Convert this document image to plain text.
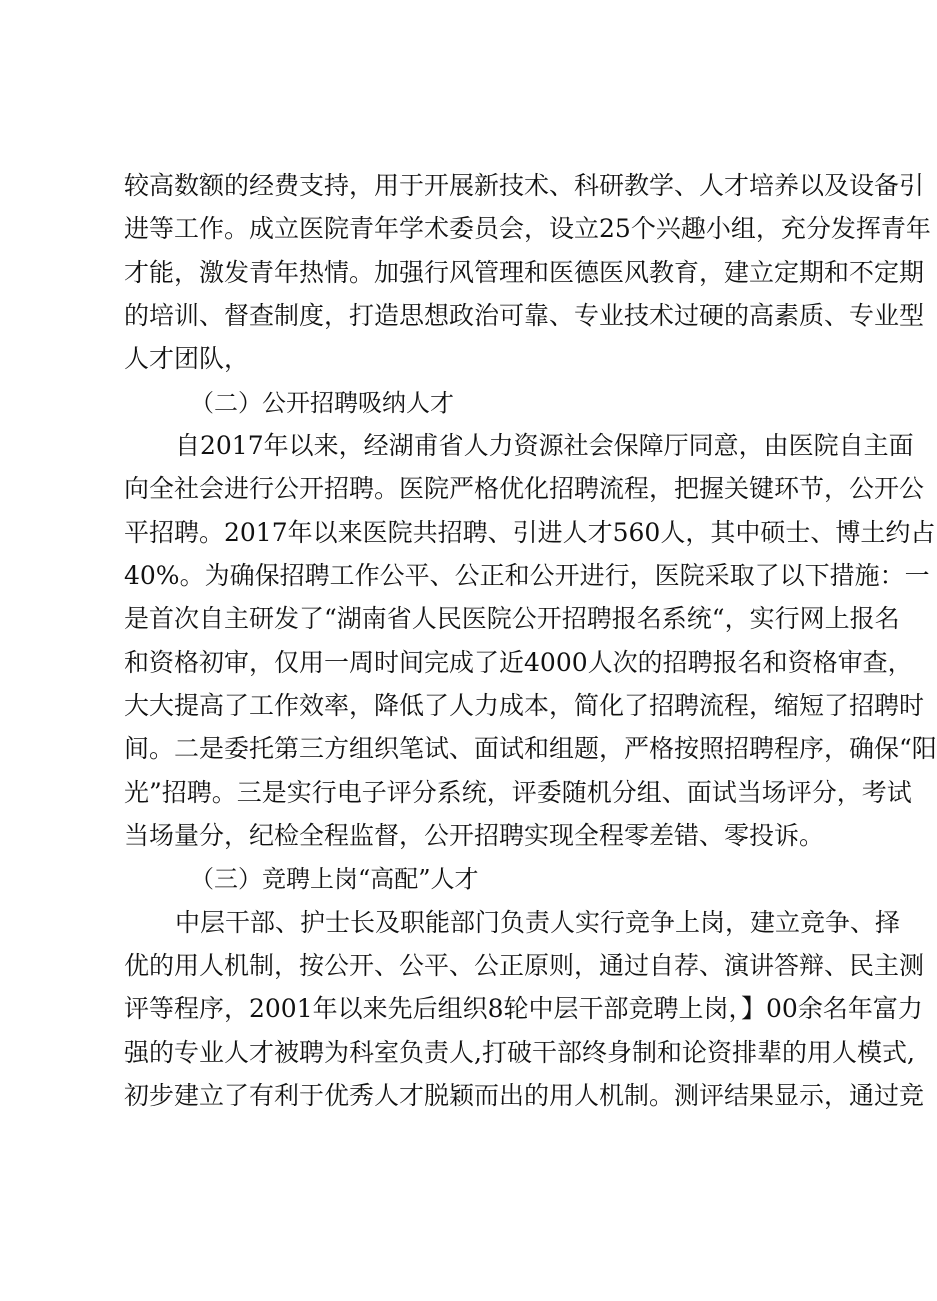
较高数额的经费支持，用于开展新技术、科研教学、人才培养以及设备引
进等工作。成立医院青年学术委员会，设立25个兴趣小组，充分发挥青年
才能，激发青年热情。加强行风管理和医德医风教育，建立定期和不定期
的培训、督查制度，打造思想政治可靠、专业技术过硬的高素质、专业型
人才团队，
（二）公开招聘吸纳人才
自2017年以来，经湖甫省人力资源社会保障厅同意，由医院自主面
向全社会进行公开招聘。医院严格优化招聘流程，把握关键环节，公开公
平招聘。2017年以来医院共招聘、引进人才560人，其中硕士、博土约占
40%。为确保招聘工作公平、公正和公开进行，医院采取了以下措施：一
是首次自主研发了“湖南省人民医院公开招聘报名系统“，实行网上报名
和资格初审，仅用一周时间完成了近4000人次的招聘报名和资格审查，
大大提高了工作效率，降低了人力成本，简化了招聘流程，缩短了招聘时
间。二是委托第三方组织笔试、面试和组题，严格按照招聘程序，确保“阳
光”招聘。三是实行电子评分系统，评委随机分组、面试当场评分，考试
当场量分，纪检全程监督，公开招聘实现全程零差错、零投诉。
（三）竞聘上岗“高配”人才
中层干部、护士长及职能部门负责人实行竞争上岗，建立竞争、择
优的用人机制，按公开、公平、公正原则，通过自荐、演讲答辩、民主测
评等程序，2001年以来先后组织8轮中层干部竞聘上岗，】00余名年富力
强的专业人才被聘为科室负责人,打破干部终身制和论资排辈的用人模式,
初步建立了有利于优秀人才脱颖而出的用人机制。测评结果显示，通过竞
